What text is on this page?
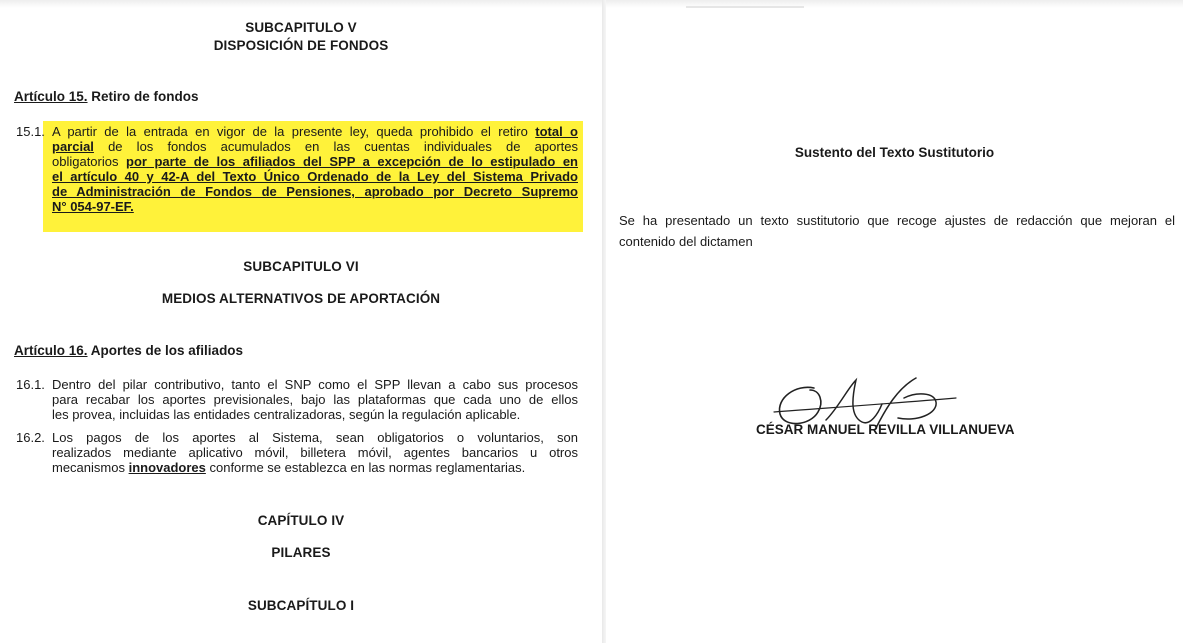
SUBCAPITULO V
DISPOSICIÓN DE FONDOS
Artículo 15. Retiro de fondos
15.1. A partir de la entrada en vigor de la presente ley, queda prohibido el retiro total o
parcial de los fondos acumulados en las cuentas individuales de aportes
obligatorios por parte de los afiliados del SPP a excepción de lo estipulado en
el artículo 40 y 42-A del Texto Único Ordenado de la Ley del Sistema Privado
de Administración de Fondos de Pensiones, aprobado por Decreto Supremo
N° 054-97-EF.
SUBCAPITULO VI
MEDIOS ALTERNATIVOS DE APORTACIÓN
Artículo 16. Aportes de los afiliados
16.1. Dentro del pilar contributivo, tanto el SNP como el SPP llevan a cabo sus procesos
para recabar los aportes previsionales, bajo las plataformas que cada uno de ellos
les provea, incluidas las entidades centralizadoras, según la regulación aplicable.
16.2. Los pagos de los aportes al Sistema, sean obligatorios o voluntarios, son
realizados mediante aplicativo móvil, billetera móvil, agentes bancarios u otros
mecanismos innovadores conforme se establezca en las normas reglamentarias.
CAPÍTULO IV
PILARES
SUBCAPÍTULO I
Sustento del Texto Sustitutorio
Se ha presentado un texto sustitutorio que recoge ajustes de redacción que mejoran el
contenido del dictamen
CÉSAR MANUEL REVILLA VILLANUEVA
